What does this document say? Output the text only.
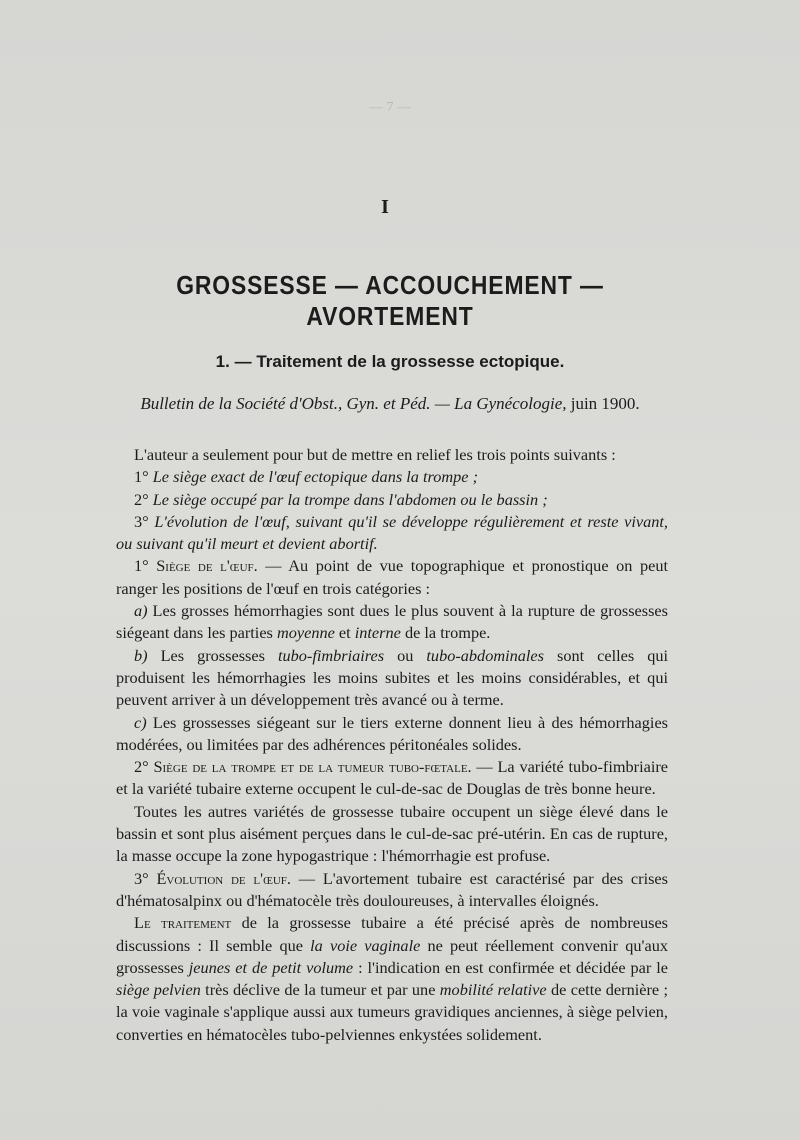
— 7 —
I
GROSSESSE — ACCOUCHEMENT — AVORTEMENT
1. — Traitement de la grossesse ectopique.
Bulletin de la Société d'Obst., Gyn. et Péd. — La Gynécologie, juin 1900.

L'auteur a seulement pour but de mettre en relief les trois points suivants :

1° Le siège exact de l'œuf ectopique dans la trompe ;

2° Le siège occupé par la trompe dans l'abdomen ou le bassin ;

3° L'évolution de l'œuf, suivant qu'il se développe régulièrement et reste vivant, ou suivant qu'il meurt et devient abortif.

1° Siège de l'œuf. — Au point de vue topographique et pronostique on peut ranger les positions de l'œuf en trois catégories :

a) Les grosses hémorrhagies sont dues le plus souvent à la rupture de grossesses siégeant dans les parties moyenne et interne de la trompe.

b) Les grossesses tubo-fimbriaires ou tubo-abdominales sont celles qui produisent les hémorrhagies les moins subites et les moins considérables, et qui peuvent arriver à un développement très avancé ou à terme.

c) Les grossesses siégeant sur le tiers externe donnent lieu à des hémorrhagies modérées, ou limitées par des adhérences péritonéales solides.

2° Siège de la trompe et de la tumeur tubo-fœtale. — La variété tubo-fimbriaire et la variété tubaire externe occupent le cul-de-sac de Douglas de très bonne heure.

Toutes les autres variétés de grossesse tubaire occupent un siège élevé dans le bassin et sont plus aisément perçues dans le cul-de-sac pré-utérin. En cas de rupture, la masse occupe la zone hypogastrique : l'hémorrhagie est profuse.

3° Évolution de l'œuf. — L'avortement tubaire est caractérisé par des crises d'hématosalpinx ou d'hématocèle très douloureuses, à intervalles éloignés.

Le traitement de la grossesse tubaire a été précisé après de nombreuses discussions : Il semble que la voie vaginale ne peut réellement convenir qu'aux grossesses jeunes et de petit volume : l'indication en est confirmée et décidée par le siège pelvien très déclive de la tumeur et par une mobilité relative de cette dernière ; la voie vaginale s'applique aussi aux tumeurs gravidiques anciennes, à siège pelvien, converties en hématocèles tubo-pelviennes enkystées solidement.
